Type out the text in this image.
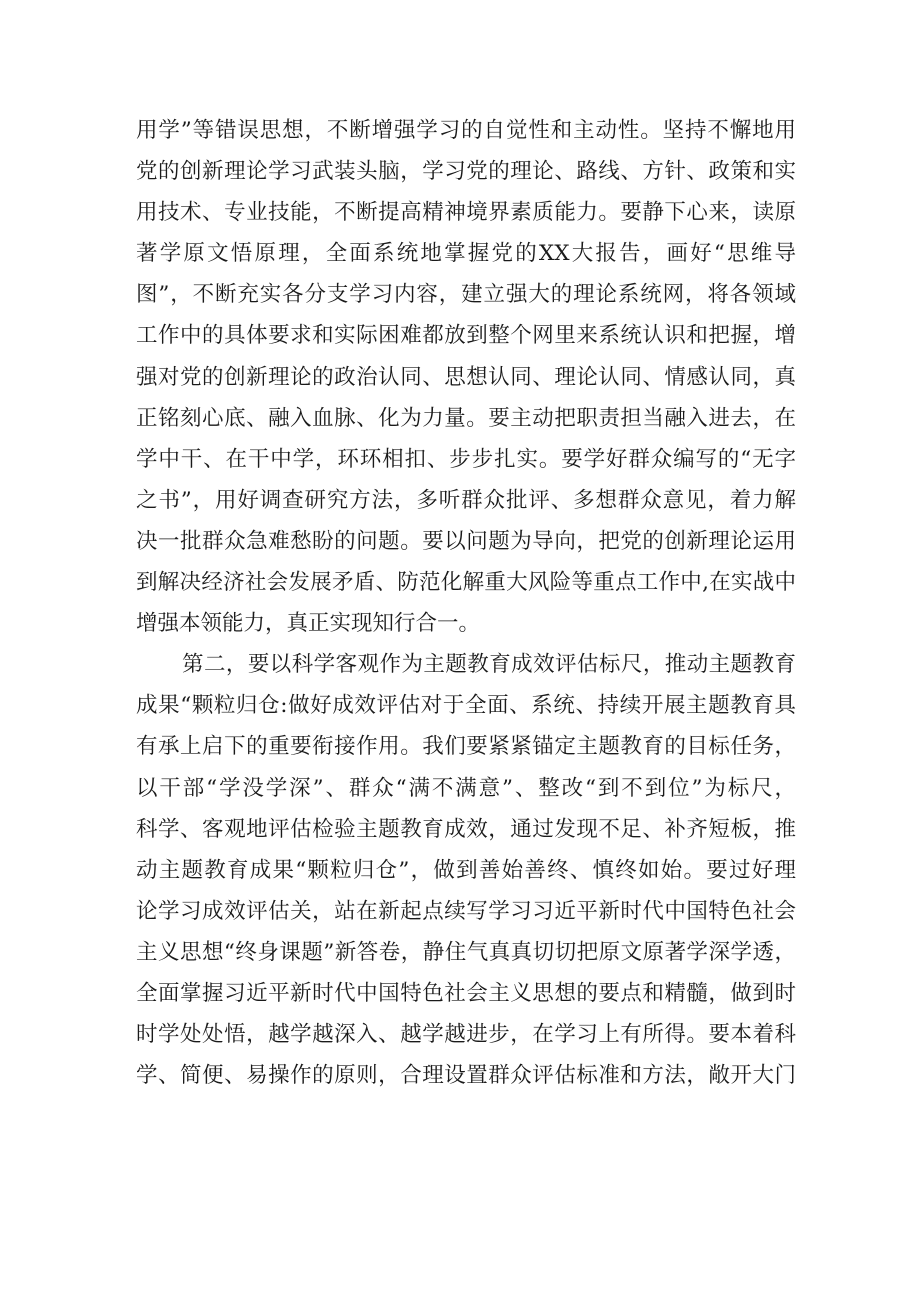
用学”等错误思想，不断增强学习的自觉性和主动性。坚持不懈地用
党的创新理论学习武装头脑，学习党的理论、路线、方针、政策和实
用技术、专业技能，不断提高精神境界素质能力。要静下心来，读原
著学原文悟原理，全面系统地掌握党的XX大报告，画好“思维导
图”，不断充实各分支学习内容，建立强大的理论系统网，将各领域
工作中的具体要求和实际困难都放到整个网里来系统认识和把握，增
强对党的创新理论的政治认同、思想认同、理论认同、情感认同，真
正铭刻心底、融入血脉、化为力量。要主动把职责担当融入进去，在
学中干、在干中学，环环相扣、步步扎实。要学好群众编写的“无字
之书”，用好调查研究方法，多听群众批评、多想群众意见，着力解
决一批群众急难愁盼的问题。要以问题为导向，把党的创新理论运用
到解决经济社会发展矛盾、防范化解重大风险等重点工作中,在实战中
增强本领能力，真正实现知行合一。
第二，要以科学客观作为主题教育成效评估标尺，推动主题教育
成果“颗粒归仓:做好成效评估对于全面、系统、持续开展主题教育具
有承上启下的重要衔接作用。我们要紧紧锚定主题教育的目标任务，
以干部“学没学深”、群众“满不满意”、整改“到不到位”为标尺，
科学、客观地评估检验主题教育成效，通过发现不足、补齐短板，推
动主题教育成果“颗粒归仓”，做到善始善终、慎终如始。要过好理
论学习成效评估关，站在新起点续写学习习近平新时代中国特色社会
主义思想“终身课题”新答卷，静住气真真切切把原文原著学深学透，
全面掌握习近平新时代中国特色社会主义思想的要点和精髓，做到时
时学处处悟，越学越深入、越学越进步，在学习上有所得。要本着科
学、简便、易操作的原则，合理设置群众评估标准和方法，敞开大门
